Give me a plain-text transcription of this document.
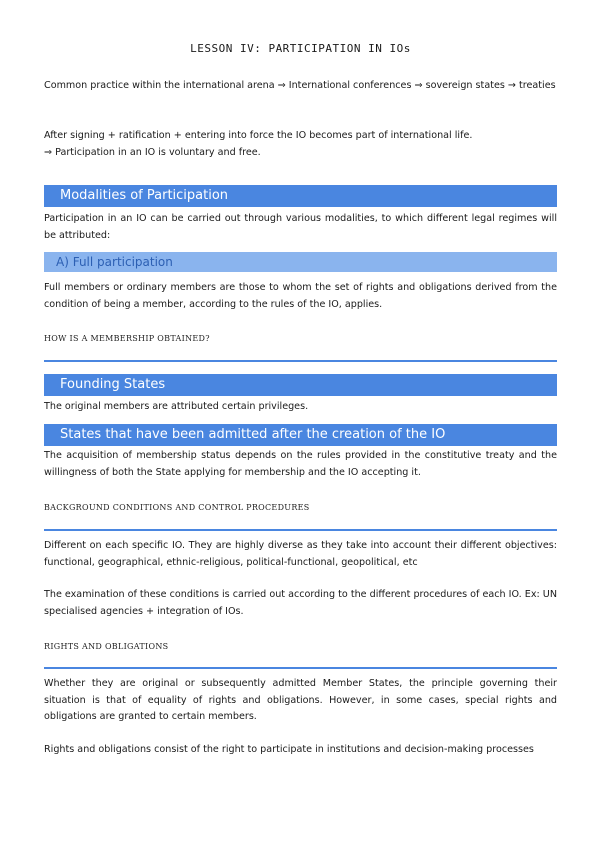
LESSON IV: PARTICIPATION IN IOs

Common practice within the international arena ⇒ International conferences ⇒ sovereign states → treaties

After signing + ratification + entering into force the IO becomes part of international life.

⇒ Participation in an IO is voluntary and free.

Modalities of Participation

Participation in an IO can be carried out through various modalities, to which different legal regimes will be attributed:

A) Full participation

Full members or ordinary members are those to whom the set of rights and obligations derived from the condition of being a member, according to the rules of the IO, applies.

HOW IS A MEMBERSHIP OBTAINED?
Founding States

The original members are attributed certain privileges.

States that have been admitted after the creation of the IO

The acquisition of membership status depends on the rules provided in the constitutive treaty and the willingness of both the State applying for membership and the IO accepting it.

BACKGROUND CONDITIONS AND CONTROL PROCEDURES

Different on each specific IO. They are highly diverse as they take into account their different objectives: functional, geographical, ethnic-religious, political-functional, geopolitical, etc

The examination of these conditions is carried out according to the different procedures of each IO. Ex: UN specialised agencies + integration of IOs.

RIGHTS AND OBLIGATIONS

Whether they are original or subsequently admitted Member States, the principle governing their situation is that of equality of rights and obligations. However, in some cases, special rights and obligations are granted to certain members.

Rights and obligations consist of the right to participate in institutions and decision-making processes
